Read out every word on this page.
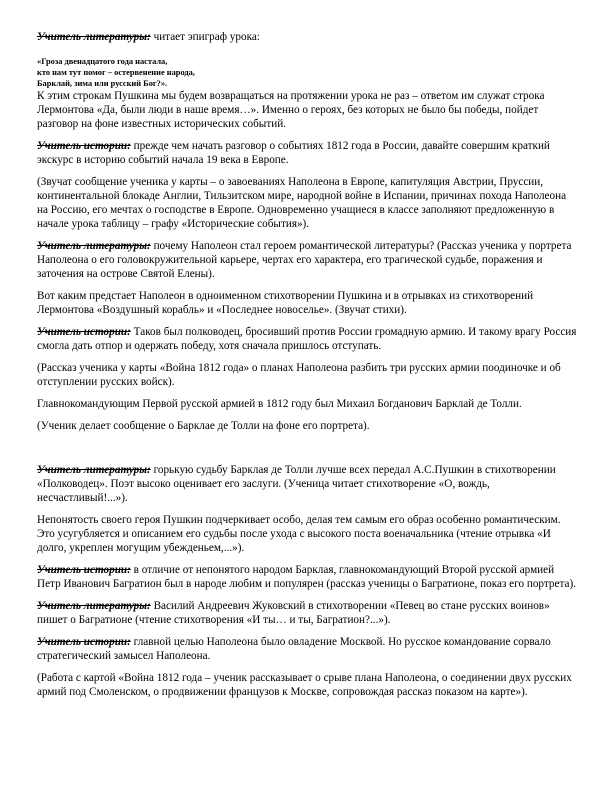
Учитель литературы: читает эпиграф урока:

«Гроза двенадцатого года настала,
кто нам тут помог – остервенение народа,
Барклай, зима или русский Бог?».

К этим строкам Пушкина мы будем возвращаться на протяжении урока не раз – ответом им служат строка Лермонтова «Да, были люди в наше время…». Именно о героях, без которых не было бы победы, пойдет разговор на фоне известных исторических событий.

Учитель истории: прежде чем начать разговор о событиях 1812 года в России, давайте совершим краткий экскурс в историю событий начала 19 века в Европе.

(Звучат сообщение ученика у карты – о завоеваниях Наполеона в Европе, капитуляция Австрии, Пруссии, континентальной блокаде Англии, Тильзитском мире, народной войне в Испании, причинах похода Наполеона на Россию, его мечтах о господстве в Европе. Одновременно учащиеся в классе заполняют предложенную в начале урока таблицу – графу «Исторические события»).

Учитель литературы: почему Наполеон стал героем романтической литературы? (Рассказ ученика у портрета Наполеона о его головокружительной карьере, чертах его характера, его трагической судьбе, поражения и заточения на острове Святой Елены).

Вот каким предстает Наполеон в одноименном стихотворении Пушкина и в отрывках из стихотворений Лермонтова «Воздушный корабль» и «Последнее новоселье». (Звучат стихи).

Учитель истории: Таков был полководец, бросивший против России громадную армию. И такому врагу Россия смогла дать отпор и одержать победу, хотя сначала пришлось отступать.

(Рассказ ученика у карты «Война 1812 года» о планах Наполеона разбить три русских армии поодиночке и об отступлении русских войск).

Главнокомандующим Первой русской армией в 1812 году был Михаил Богданович Барклай де Толли.

(Ученик делает сообщение о Барклае де Толли на фоне его портрета).

Учитель литературы: горькую судьбу Барклая де Толли лучше всех передал А.С.Пушкин в стихотворении «Полководец». Поэт высоко оценивает его заслуги. (Ученица читает стихотворение «О, вождь, несчастливый!...»).

Непонятость своего героя Пушкин подчеркивает особо, делая тем самым его образ особенно романтическим. Это усугубляется и описанием его судьбы после ухода с высокого поста военачальника (чтение отрывка «И долго, укреплен могущим убежденьем,...»).

Учитель истории: в отличие от непонятого народом Барклая, главнокомандующий Второй русской армией Петр Иванович Багратион был в народе любим и популярен (рассказ ученицы о Багратионе, показ его портрета).

Учитель литературы: Василий Андреевич Жуковский в стихотворении «Певец во стане русских воинов» пишет о Багратионе (чтение стихотворения «И ты… и ты, Багратион?...»).

Учитель истории: главной целью Наполеона было овладение Москвой. Но русское командование сорвало стратегический замысел Наполеона.

(Работа с картой «Война 1812 года – ученик рассказывает о срыве плана Наполеона, о соединении двух русских армий под Смоленском, о продвижении французов к Москве, сопровождая рассказ показом на карте»).
